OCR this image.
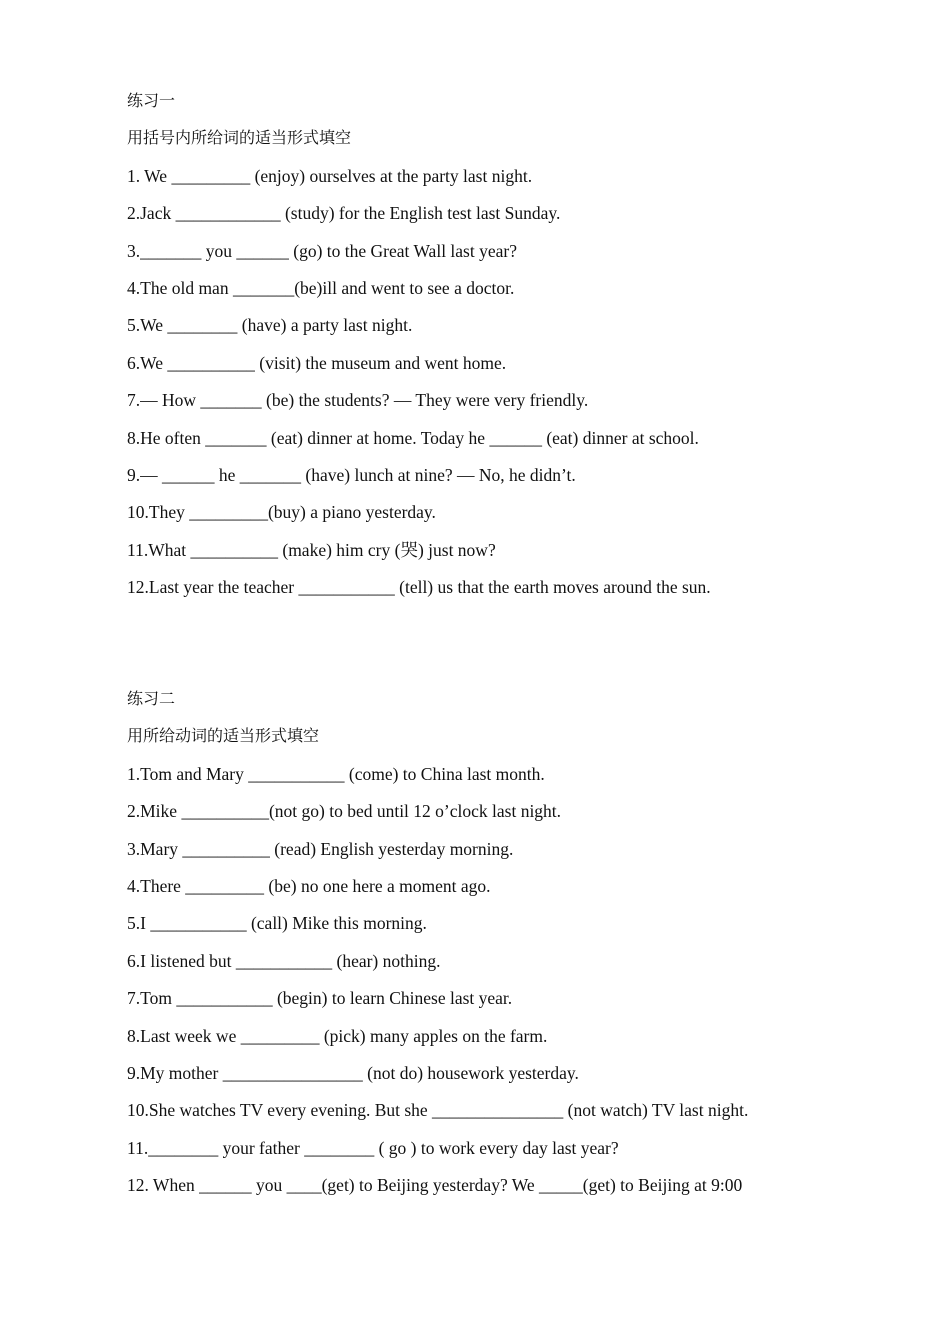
练习一
用括号内所给词的适当形式填空
1. We _________ (enjoy) ourselves at the party last night.
2.Jack ____________ (study) for the English test last Sunday.
3._______ you ______ (go) to the Great Wall last year?
4.The old man _______(be)ill and went to see a doctor.
5.We ________ (have) a party last night.
6.We __________ (visit) the museum and went home.
7.— How _______ (be) the students? — They were very friendly.
8.He often _______ (eat) dinner at home. Today he ______ (eat) dinner at school.
9.— ______ he _______ (have) lunch at nine? — No, he didn’t.
10.They _________(buy) a piano yesterday.
11.What __________ (make) him cry (哭) just now?
12.Last year the teacher ___________ (tell) us that the earth moves around the sun.
练习二
用所给动词的适当形式填空
1.Tom and Mary ___________ (come) to China last month.
2.Mike __________(not go) to bed until 12 o’clock last night.
3.Mary __________ (read) English yesterday morning.
4.There _________ (be) no one here a moment ago.
5.I ___________ (call) Mike this morning.
6.I listened but ___________ (hear) nothing.
7.Tom ___________ (begin) to learn Chinese last year.
8.Last week we _________ (pick) many apples on the farm.
9.My mother ________________ (not do) housework yesterday.
10.She watches TV every evening. But she _______________ (not watch) TV last night.
11.________ your father ________ ( go ) to work every day last year?
12. When ______ you ____(get) to Beijing yesterday? We _____(get) to Beijing at 9:00
